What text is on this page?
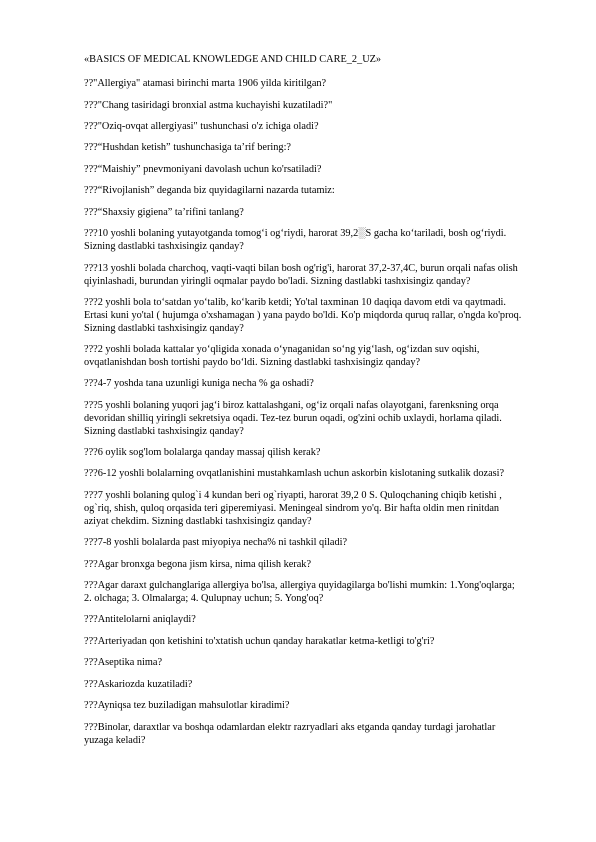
«BASICS OF MEDICAL KNOWLEDGE AND CHILD CARE_2_UZ»
??"Allergiya" atamasi birinchi marta 1906 yilda kiritilgan?
???"Chang tasiridagi bronxial astma kuchayishi kuzatiladi?"
???"Oziq-ovqat allergiyasi" tushunchasi o'z ichiga oladi?
???“Hushdan ketish” tushunchasiga ta’rif bering:?
???“Maishiy” pnevmoniyani davolash uchun ko'rsatiladi?
???“Rivojlanish” deganda biz quyidagilarni nazarda tutamiz:
???“Shaxsiy gigiena” ta’rifini tanlang?
???10 yoshli bolaning yutayotganda tomog‘i og‘riydi, harorat 39,2░S gacha ko‘tariladi, bosh og‘riydi.
Sizning dastlabki tashxisingiz qanday?
???13 yoshli bolada charchoq, vaqti-vaqti bilan bosh og'rig'i, harorat 37,2-37,4C, burun orqali nafas olish
qiyinlashadi, burundan yiringli oqmalar paydo bo'ladi. Sizning dastlabki tashxisingiz qanday?
???2 yoshli bola to‘satdan yo‘talib, ko‘karib ketdi; Yo'tal taxminan 10 daqiqa davom etdi va qaytmadi.
Ertasi kuni yo'tal ( hujumga o'xshamagan ) yana paydo bo'ldi. Ko'p miqdorda quruq rallar, o'ngda ko'proq.
Sizning dastlabki tashxisingiz qanday?
???2 yoshli bolada kattalar yo‘qligida xonada o‘ynaganidan so‘ng yig‘lash, og‘izdan suv oqishi,
ovqatlanishdan bosh tortishi paydo bo‘ldi. Sizning dastlabki tashxisingiz qanday?
???4-7 yoshda tana uzunligi kuniga necha % ga oshadi?
???5 yoshli bolaning yuqori jag‘i biroz kattalashgani, og‘iz orqali nafas olayotgani, farenksning orqa
devoridan shilliq yiringli sekretsiya oqadi. Tez-tez burun oqadi, og'zini ochib uxlaydi, horlama qiladi.
Sizning dastlabki tashxisingiz qanday?
???6 oylik sog'lom bolalarga qanday massaj qilish kerak?
???6-12 yoshli bolalarning ovqatlanishini mustahkamlash uchun askorbin kislotaning sutkalik dozasi?
???7 yoshli bolaning qulog`i 4 kundan beri og`riyapti, harorat 39,2 0 S. Quloqchaning chiqib ketishi ,
og`riq, shish, quloq orqasida teri giperemiyasi. Meningeal sindrom yo'q. Bir hafta oldin men rinitdan
aziyat chekdim. Sizning dastlabki tashxisingiz qanday?
???7-8 yoshli bolalarda past miyopiya necha% ni tashkil qiladi?
???Agar bronxga begona jism kirsa, nima qilish kerak?
???Agar daraxt gulchanglariga allergiya bo'lsa, allergiya quyidagilarga bo'lishi mumkin: 1.Yong'oqlarga;
2. olchaga; 3. Olmalarga; 4. Qulupnay uchun; 5. Yong'oq?
???Antitelolarni aniqlaydi?
???Arteriyadan qon ketishini to'xtatish uchun qanday harakatlar ketma-ketligi to'g'ri?
???Aseptika nima?
???Askariozda kuzatiladi?
???Ayniqsa tez buziladigan mahsulotlar kiradimi?
???Binolar, daraxtlar va boshqa odamlardan elektr razryadlari aks etganda qanday turdagi jarohatlar
yuzaga keladi?
